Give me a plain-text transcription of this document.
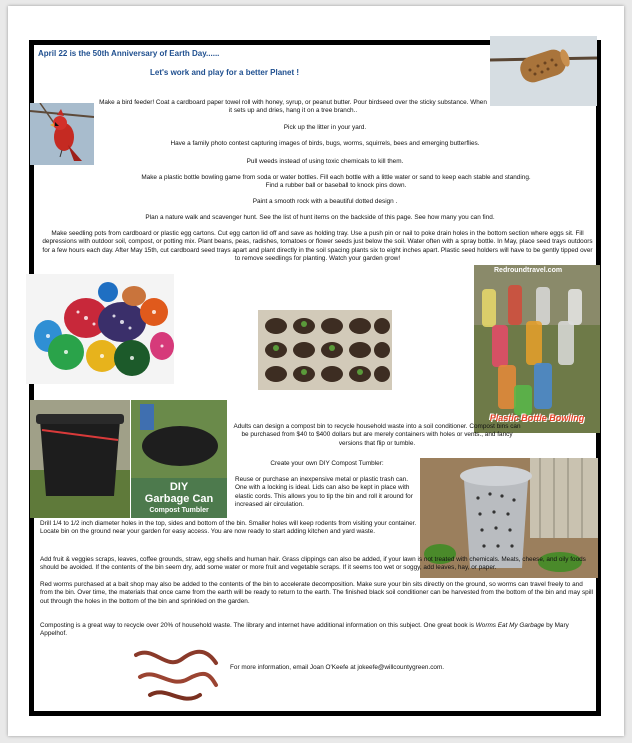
April 22 is the 50th Anniversary of Earth Day......
Let's work and play for a better Planet !
Make a bird feeder! Coat a cardboard paper towel roll with honey, syrup, or peanut butter. Pour birdseed over the sticky substance. When it sets up and dries, hang it on a tree branch..
Pick up the litter in your yard.
Have a family photo contest capturing images of birds, bugs, worms, squirrels, bees and emerging butterflies.
Pull weeds instead of using toxic chemicals to kill them.
Make a plastic bottle bowling game from soda or water bottles. Fill each bottle with a little water or sand to keep each stable and standing.
Find a rubber ball or baseball to knock pins down.
Paint a smooth rock with a beautiful dotted design .
Plan a nature walk and scavenger hunt. See the list of hunt items on the backside of this page. See how many you can find.
Make seedling pots from cardboard or plastic egg cartons. Cut egg carton lid off and save as holding tray. Use a push pin or nail to poke drain holes in the bottom section where eggs sit. Fill depressions with outdoor soil, compost, or potting mix. Plant beans, peas, radishes, tomatoes or flower seeds just below the soil. Water often with a spray bottle. In May, place seed trays outdoors for a few hours each day. After May 15th, cut cardboard seed trays apart and plant directly in the soil spacing plants six to eight inches apart. Plastic seed holders will have to be gently tipped over to remove seedlings for planting. Watch your garden grow!
Redroundtravel.com
Plastic Bottle Bowling
DIY
Garbage Can
Compost Tumbler
Adults can design a compost bin to recycle household waste into a soil conditioner. Compost bins can be purchased from $40 to $400 dollars but are merely containers with holes or vents., and fancy versions that flip or tumble.
Create your own DIY Compost Tumbler:
Reuse or purchase an inexpensive metal or plastic trash can. One with a locking is ideal. Lids can also be kept in place with elastic cords. This allows you to tip the bin and roll it around for increased air circulation.
Drill 1/4 to 1/2 inch diameter holes in the top, sides and bottom of the bin. Smaller holes will keep rodents from visiting your container. Locate bin on the ground near your garden for easy access. You are now ready to start adding kitchen and yard waste.
Add fruit & veggies scraps, leaves, coffee grounds, straw, egg shells and human hair. Grass clippings can also be added, if your lawn is not treated with chemicals. Meats, cheese, and oily foods should be avoided. If the contents of the bin seem dry, add some water or more fruit and vegetable scraps. If it seems too wet or soggy, add leaves, hay, or paper.
Red worms purchased at a bait shop may also be added to the contents of the bin to accelerate decomposition. Make sure your bin sits directly on the ground, so worms can travel freely to and from the bin. Over time, the materials that once came from the earth will be ready to return to the earth. The finished black soil conditioner can be harvested from the bottom of the bin and may spill out through the holes in the bottom of the bin and sprinkled on the garden.
Composting is a great way to recycle over 20% of household waste. The library and internet have additional information on this subject. One great book is Worms Eat My Garbage by Mary Appelhof.
For more information, email Joan O'Keefe at jokeefe@willcountygreen.com.
